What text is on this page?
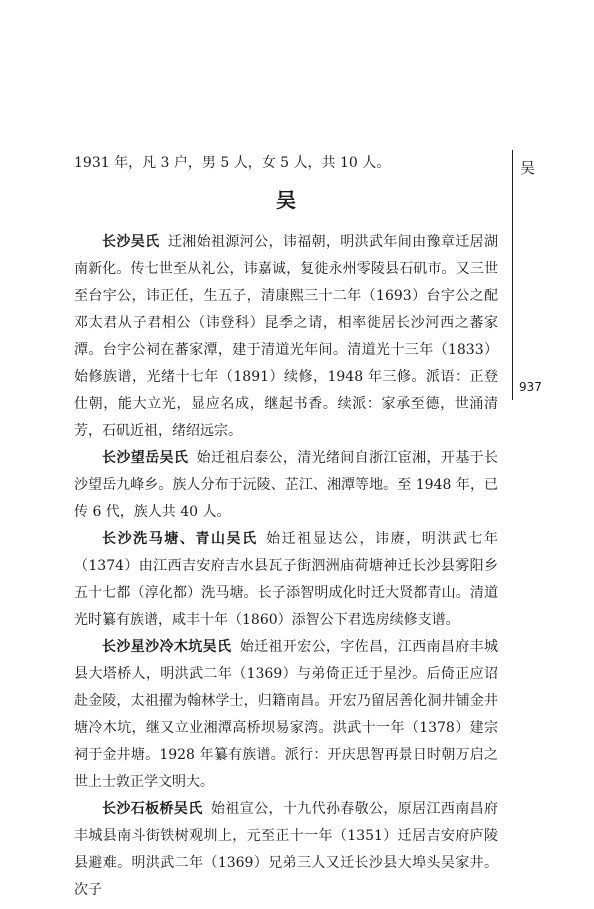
吴
937

1931 年，凡 3 户，男 5 人，女 5 人，共 10 人。

吴

长沙吴氏 迁湘始祖源河公，讳福朝，明洪武年间由豫章迁居湖南新化。传七世至从礼公，讳嘉诚，复徙永州零陵县石矶市。又三世至台宇公，讳正任，生五子，清康熙三十二年（1693）台宇公之配邓太君从子君相公（讳登科）昆季之请，相率徙居长沙河西之蕃家潭。台宇公祠在蕃家潭，建于清道光年间。清道光十三年（1833）始修族谱，光绪十七年（1891）续修，1948 年三修。派语：正登仕朝，能大立光，显应名成，继起书香。续派：家承至德，世涌清芳，石矶近祖，绪绍远宗。

长沙望岳吴氏 始迁祖启泰公，清光绪间自浙江宦湘，开基于长沙望岳九峰乡。族人分布于沅陵、芷江、湘潭等地。至 1948 年，已传 6 代，族人共 40 人。

长沙洗马塘、青山吴氏 始迁祖显达公，讳赓，明洪武七年（1374）由江西吉安府吉水县瓦子街泗洲庙荷塘神迁长沙县雾阳乡五十七都（淳化都）洗马塘。长子添智明成化时迁大贤都青山。清道光时纂有族谱，咸丰十年（1860）添智公下君选房续修支谱。

长沙星沙冷木坑吴氏 始迁祖开宏公，字佐昌，江西南昌府丰城县大塔桥人，明洪武二年（1369）与弟倚正迁于星沙。后倚正应诏赴金陵，太祖擢为翰林学士，归籍南昌。开宏乃留居善化洞井铺金井塘冷木坑，继又立业湘潭高桥坝易家湾。洪武十一年（1378）建宗祠于金井塘。1928 年纂有族谱。派行：开庆思智再景日时朝万启之世上士敦正学文明大。

长沙石板桥吴氏 始祖宣公，十九代孙春敬公，原居江西南昌府丰城县南斗街铁树观圳上，元至正十一年（1351）迁居吉安府庐陵县避难。明洪武二年（1369）兄弟三人又迁长沙县大埠头吴家井。次子
